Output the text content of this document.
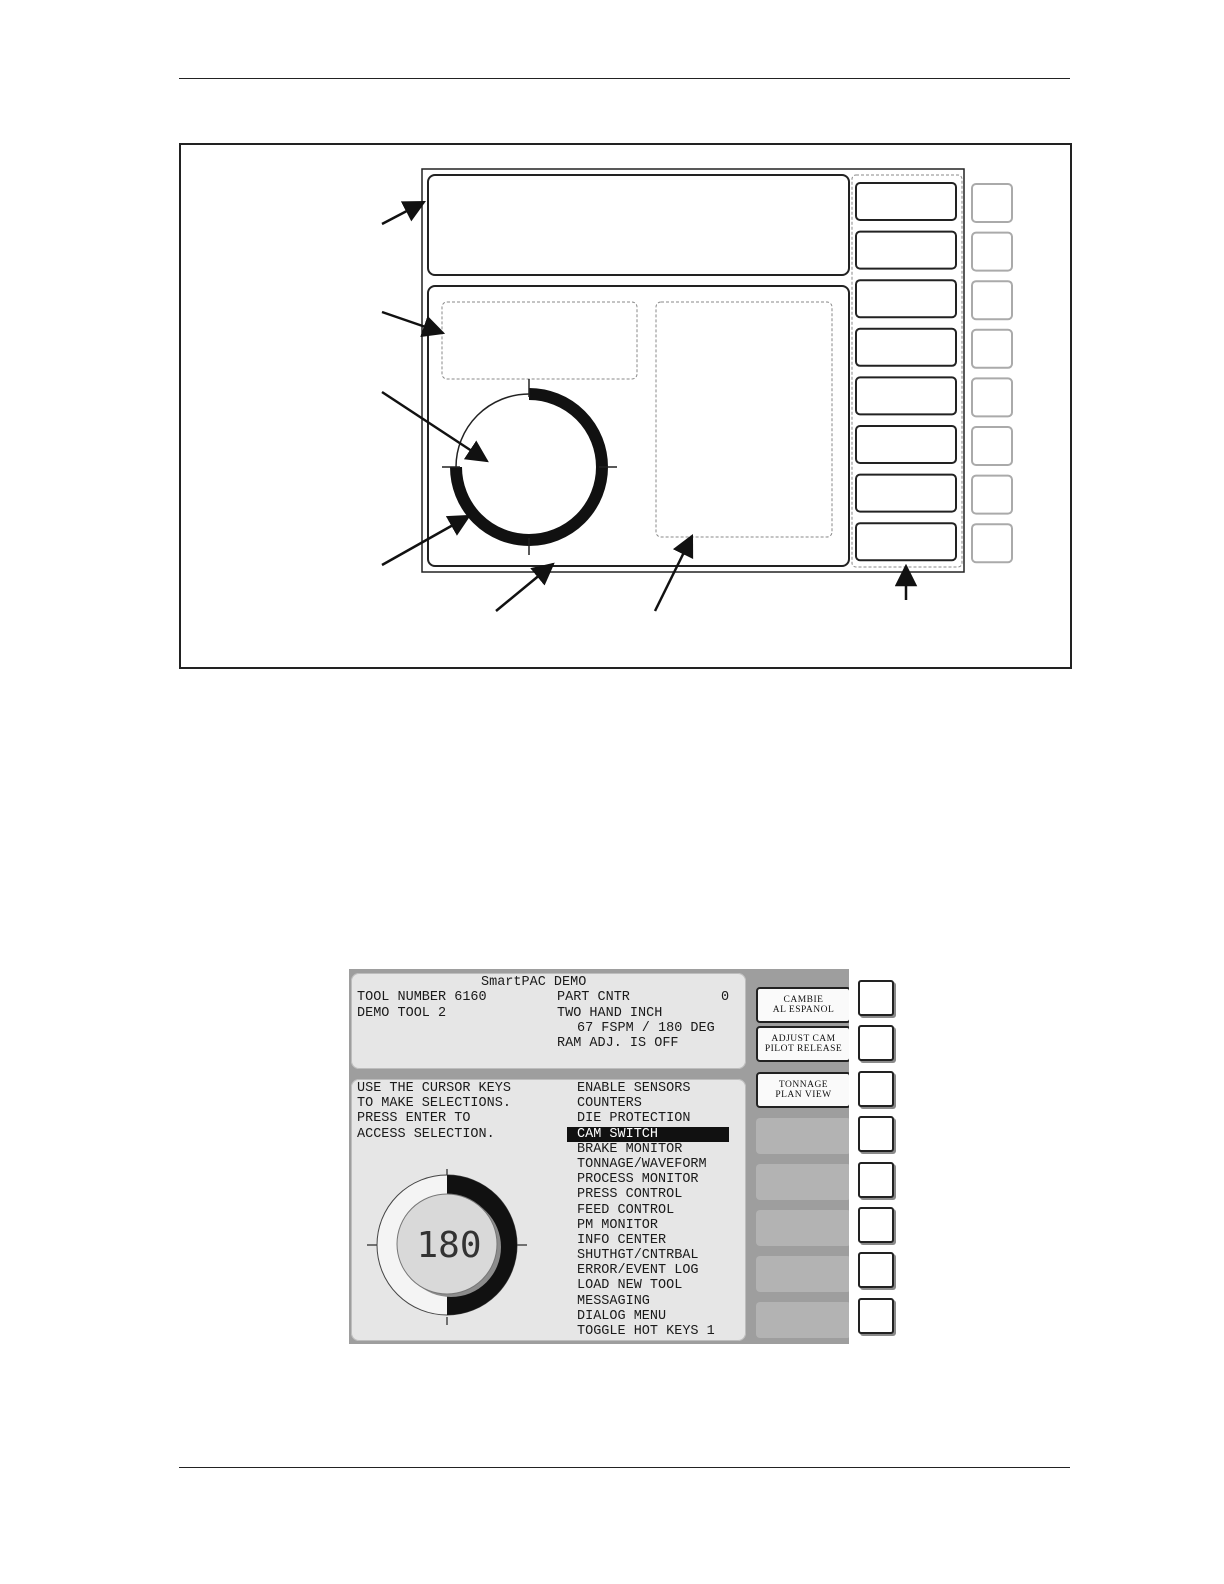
SmartPAC DEMO
TOOL NUMBER 6160
DEMO TOOL 2
PART CNTR	0
TWO HAND INCH
67 FSPM / 180 DEG
RAM ADJ. IS OFF
USE THE CURSOR KEYS
TO MAKE SELECTIONS.
PRESS ENTER TO
ACCESS SELECTION.
ENABLE SENSORS
COUNTERS
DIE PROTECTION
CAM SWITCH
BRAKE MONITOR
TONNAGE/WAVEFORM
PROCESS MONITOR
PRESS CONTROL
FEED CONTROL
PM MONITOR
INFO CENTER
SHUTHGT/CNTRBAL
ERROR/EVENT LOG
LOAD NEW TOOL
MESSAGING
DIALOG MENU
TOGGLE HOT KEYS 1
180
CAMBIE
AL ESPANOL
ADJUST CAM
PILOT RELEASE
TONNAGE
PLAN VIEW
